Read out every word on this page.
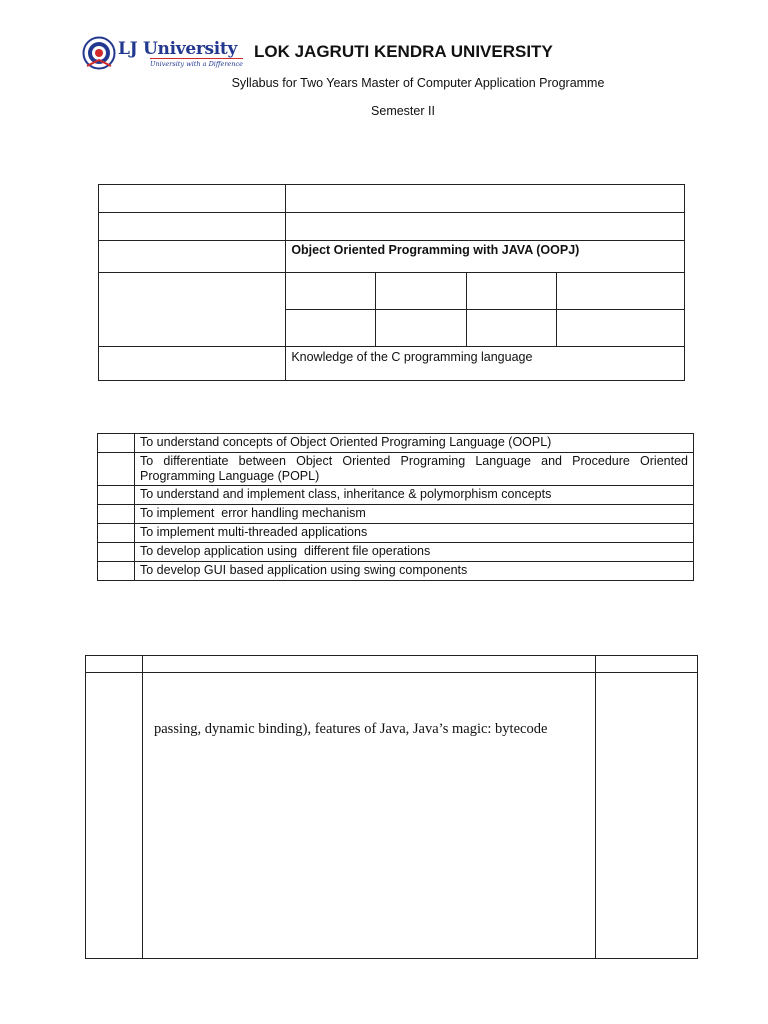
LJ University
University with a Difference
LOK JAGRUTI KENDRA UNIVERSITY
Syllabus for Two Years Master of Computer Application Programme
Semester II

	Object Oriented Programming with JAVA (OOPJ)			

	Knowledge of the C programming language			
	To understand concepts of Object Oriented Programing Language (OOPL)
	To differentiate between Object Oriented Programing Language and Procedure Oriented Programming Language (POPL)
	To understand and implement class, inheritance & polymorphism concepts
	To implement  error handling mechanism
	To implement multi-threaded applications
	To develop application using  different file operations
	To develop GUI based application using swing components

passing, dynamic binding), features of Java, Java’s magic: bytecode
